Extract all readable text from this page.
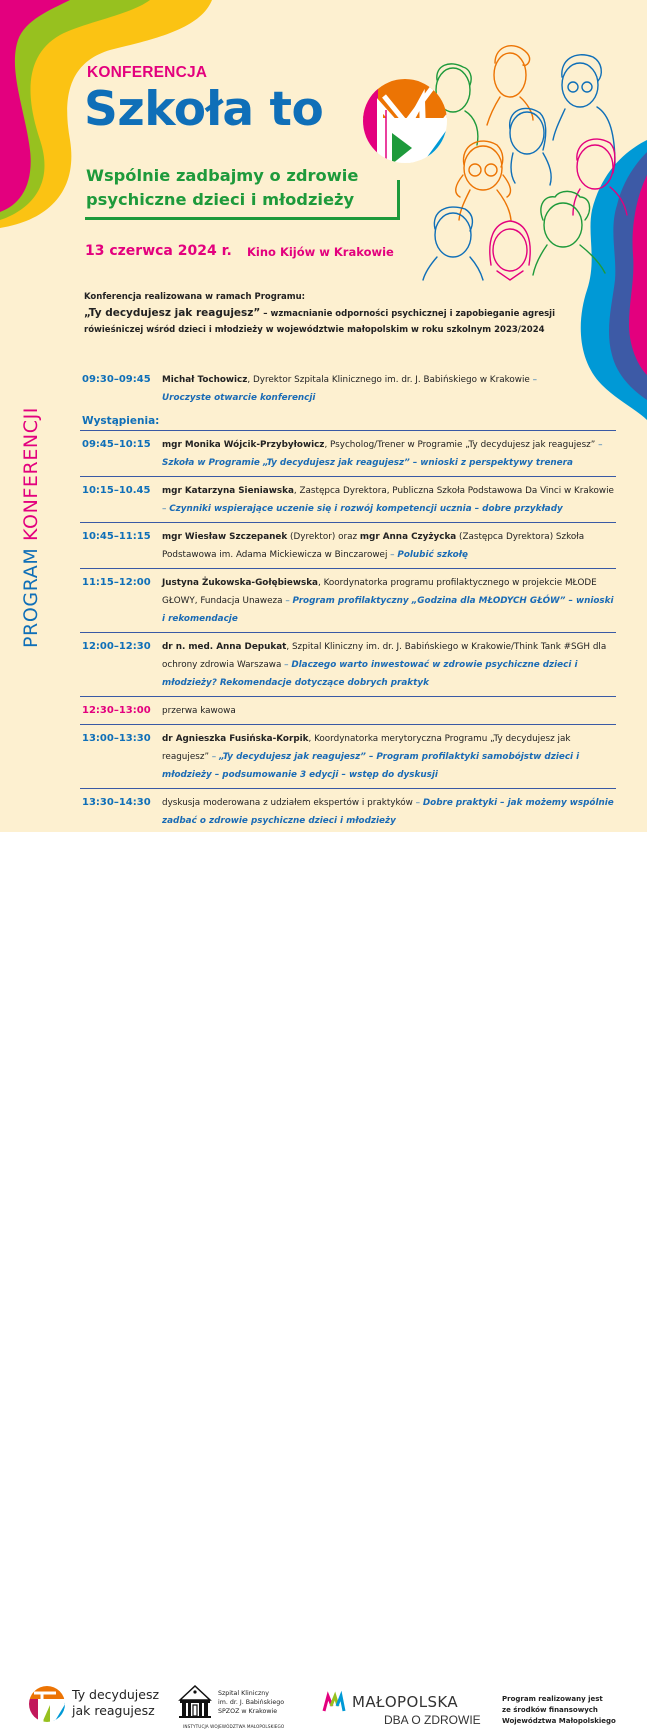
KONFERENCJA
Szkoła to
Wspólnie zadbajmy o zdrowie
psychiczne dzieci i młodzieży
13 czerwca 2024 r. Kino Kijów w Krakowie
Konferencja realizowana w ramach Programu:
„Ty decydujesz jak reagujesz” – wzmacnianie odporności psychicznej i zapobieganie agresji
rówieśniczej wśród dzieci i młodzieży w województwie małopolskim w roku szkolnym 2023/2024
PROGRAM KONFERENCJI
09:30–09:45	Michał Tochowicz, Dyrektor Szpitala Klinicznego im. dr. J. Babińskiego w Krakowie –
Uroczyste otwarcie konferencji
Wystąpienia:
09:45–10:15	mgr Monika Wójcik-Przybyłowicz, Psycholog/Trener w Programie „Ty decydujesz jak reagujesz” – Szkoła w Programie „Ty decydujesz jak reagujesz” – wnioski z perspektywy trenera
10:15–10.45	mgr Katarzyna Sieniawska, Zastępca Dyrektora, Publiczna Szkoła Podstawowa Da Vinci w Krakowie – Czynniki wspierające uczenie się i rozwój kompetencji ucznia – dobre przykłady
10:45–11:15	mgr Wiesław Szczepanek (Dyrektor) oraz mgr Anna Czyżycka (Zastępca Dyrektora) Szkoła Podstawowa im. Adama Mickiewicza w Binczarowej – Polubić szkołę
11:15–12:00	Justyna Żukowska-Gołębiewska, Koordynatorka programu profilaktycznego w projekcie MŁODE GŁOWY, Fundacja Unaweza – Program profilaktyczny „Godzina dla MŁODYCH GŁÓW” – wnioski i rekomendacje
12:00–12:30	dr n. med. Anna Depukat, Szpital Kliniczny im. dr. J. Babińskiego w Krakowie/Think Tank #SGH dla ochrony zdrowia Warszawa – Dlaczego warto inwestować w zdrowie psychiczne dzieci i młodzieży? Rekomendacje dotyczące dobrych praktyk
12:30–13:00	przerwa kawowa
13:00–13:30	dr Agnieszka Fusińska-Korpik, Koordynatorka merytoryczna Programu „Ty decydujesz jak reagujesz” – „Ty decydujesz jak reagujesz” – Program profilaktyki samobójstw dzieci i młodzieży – podsumowanie 3 edycji – wstęp do dyskusji
13:30–14:30	dyskusja moderowana z udziałem ekspertów i praktyków – Dobre praktyki – jak możemy wspólnie zadbać o zdrowie psychiczne dzieci i młodzieży
Ty decydujesz
jak reagujesz
Szpital Kliniczny
im. dr. J. Babińskiego
SPZOZ w Krakowie
INSTYTUCJA WOJEWÓDZTWA MAŁOPOLSKIEGO
MAŁOPOLSKA
DBA O ZDROWIE
Program realizowany jest
ze środków finansowych
Województwa Małopolskiego
